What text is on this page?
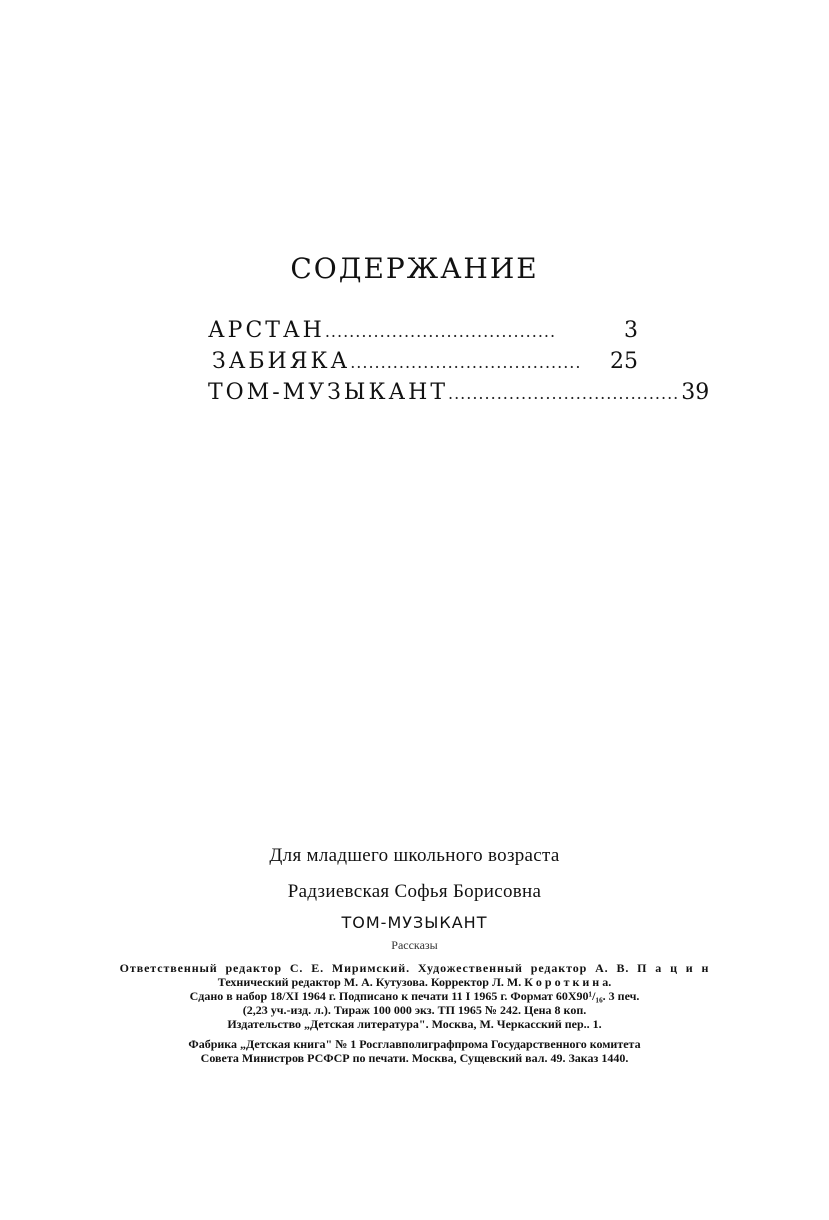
СОДЕРЖАНИЕ
АРСТАН ......................................	3
ЗАБИЯКА ......................................	25
ТОМ-МУЗЫКАНТ ...................................... 39

Для младшего школьного возраста

Радзиевская Софья Борисовна

ТОМ-МУЗЫКАНТ

Рассказы

Ответственный редактор С. Е. Миримский. Художественный редактор А. В. П а ц и н

Технический редактор М. А. Кутузова. Корректор Л. М. К о р о т к и н а.

Сдано в набор 18/XI 1964 г. Подписано к печати 11 I 1965 г. Формат 60X90¹/₁₆. 3 печ.

(2,23 уч.-изд. л.). Тираж 100 000 экз. ТП 1965 № 242. Цена 8 коп.

Издательство „Детская литература". Москва, М. Черкасский пер.. 1.

Фабрика „Детская книга" № 1 Росглавполиграфпрома Государственного комитета

Совета Министров РСФСР по печати. Москва, Сущевский вал. 49. Заказ 1440.
